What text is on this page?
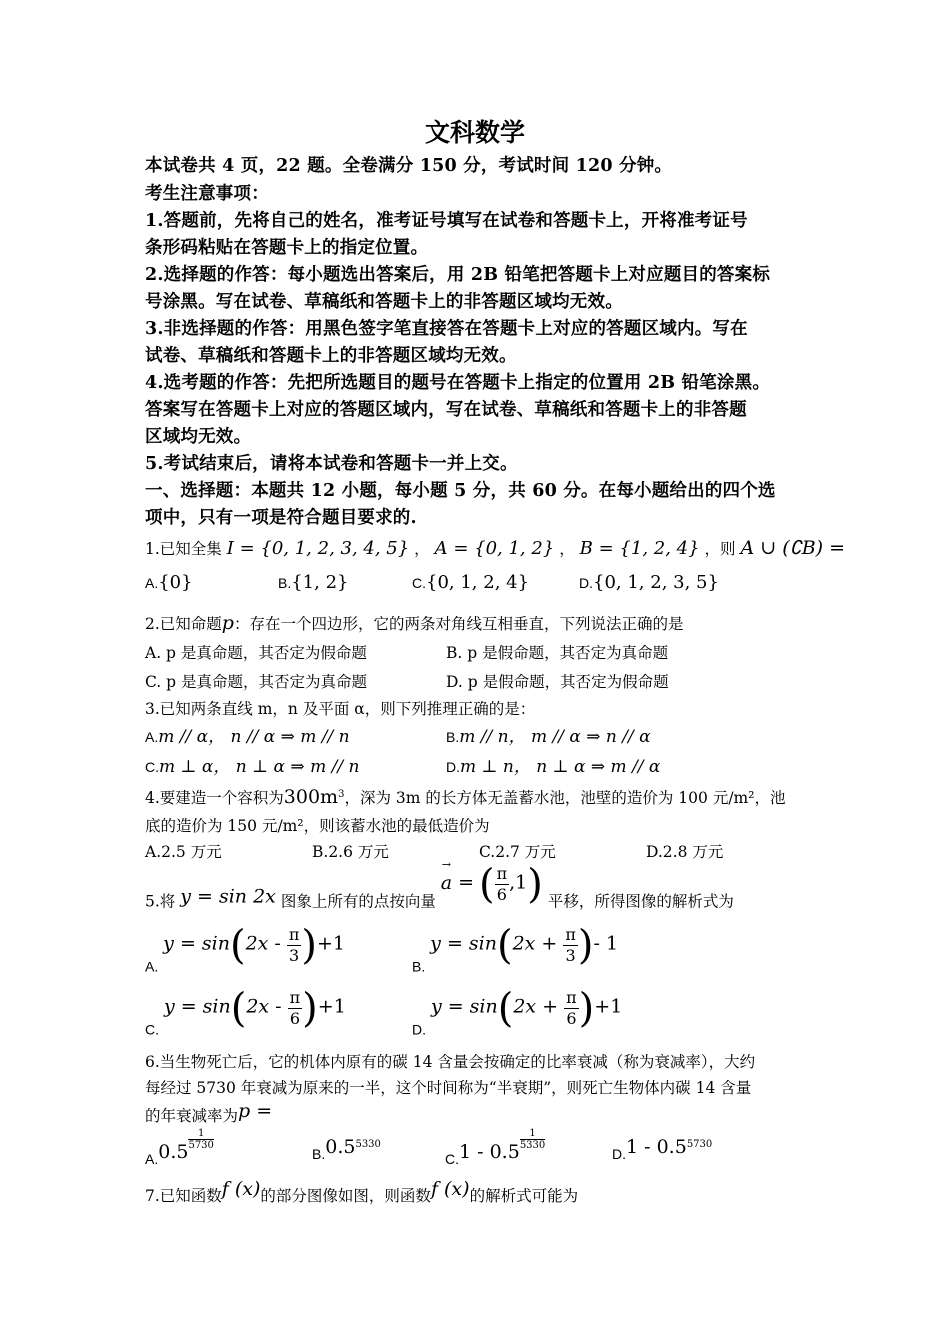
文科数学
本试卷共 4 页，22 题。全卷满分 150 分，考试时间 120 分钟。
考生注意事项：
1.答题前，先将自己的姓名，准考证号填写在试卷和答题卡上，开将准考证号
条形码粘贴在答题卡上的指定位置。
2.选择题的作答：每小题选出答案后，用 2B 铅笔把答题卡上对应题目的答案标
号涂黑。写在试卷、草稿纸和答题卡上的非答题区域均无效。
3.非选择题的作答：用黑色签字笔直接答在答题卡上对应的答题区域内。写在
试卷、草稿纸和答题卡上的非答题区域均无效。
4.选考题的作答：先把所选题目的题号在答题卡上指定的位置用 2B 铅笔涂黑。
答案写在答题卡上对应的答题区域内，写在试卷、草稿纸和答题卡上的非答题
区域均无效。
5.考试结束后，请将本试卷和答题卡一并上交。
一、选择题：本题共 12 小题，每小题 5 分，共 60 分。在每小题给出的四个选
项中，只有一项是符合题目要求的.
1.已知全集 I = {0, 1, 2, 3, 4, 5} ， A = {0, 1, 2} ， B = {1, 2, 4} ，则 A ∪ (∁B) =
A.{0}	B.{1, 2}	C.{0, 1, 2, 4}	D.{0, 1, 2, 3, 5}
2.已知命题p：存在一个四边形，它的两条对角线互相垂直，下列说法正确的是
A. p 是真命题，其否定为假命题	B. p 是假命题，其否定为真命题
C. p 是真命题，其否定为真命题	D. p 是假命题，其否定为假命题
3.已知两条直线 m，n 及平面 α，则下列推理正确的是：
A.m // α， n // α ⇒ m // n	B.m // n， m // α ⇒ n // α
C.m ⊥ α， n ⊥ α ⇒ m // n	D.m ⊥ n， n ⊥ α ⇒ m // α
4.要建造一个容积为$300m^3$，深为 3m 的长方体无盖蓄水池，池壁的造价为 100 元/m²，池
底的造价为 150 元/m²，则该蓄水池的最低造价为
A.2.5 万元	B.2.6 万元	C.2.7 万元	D.2.8 万元
5.将 y = sin 2x 图象上所有的点按向量
→
a = ( $\frac{\pi}{6} ,1$) 平移，所得图像的解析式为
A. $y = \sin(2x - \frac{\pi}{3} )+1$
B. $y = \sin(2x + \frac{\pi}{3}$ )- 1
C. $y = \sin(2x - \frac{\pi}{6} )+1$
D. $y = \sin(2x + \frac{\pi}{6} )+1$
6.当生物死亡后，它的机体内原有的碳 14 含量会按确定的比率衰减（称为衰减率），大约
每经过 5730 年衰减为原来的一半，这个时间称为“半衰期”，则死亡生物体内碳 14 含量
的年衰减率为p =
A.0.5
$\frac{1}{5730}$
$B.0.5^{5330}$
C.1 - 0.5
$\frac{1}{5330}$
$D.1 - 0.5^{5730}$
7.已知函数f (x)的部分图像如图，则函数f (x)的解析式可能为
